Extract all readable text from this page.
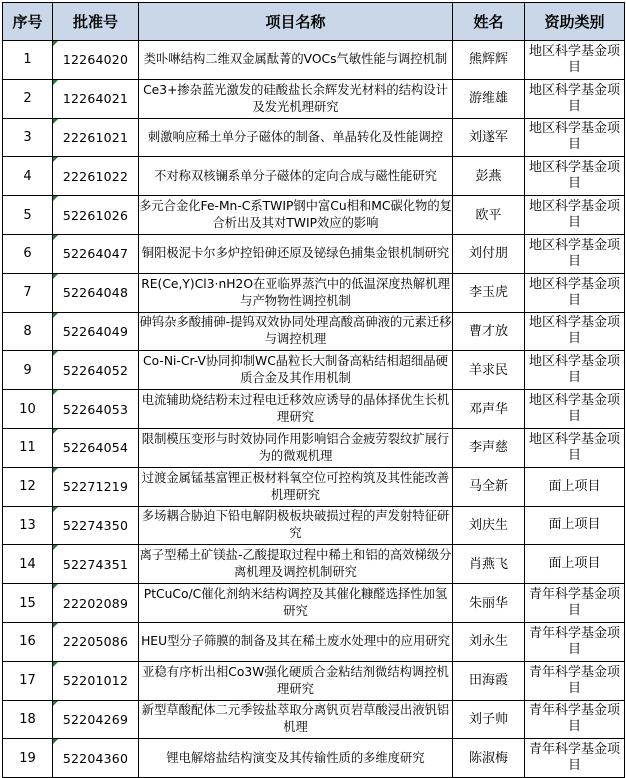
序号	批准号	项目名称	姓名	资助类别
1	12264020	类卟啉结构二维双金属酞菁的VOCs气敏性能与调控机制	熊辉辉	地区科学基金项目
2	12264021	Ce3+掺杂蓝光激发的硅酸盐长余辉发光材料的结构设计及发光机理研究	游维雄	地区科学基金项目
3	22261021	刺激响应稀土单分子磁体的制备、单晶转化及性能调控	刘遂军	地区科学基金项目
4	22261022	不对称双核镧系单分子磁体的定向合成与磁性能研究	彭燕	地区科学基金项目
5	52261026	多元合金化Fe-Mn-C系TWIP钢中富Cu相和MC碳化物的复合析出及其对TWIP效应的影响	欧平	地区科学基金项目
6	52264047	铜阳极泥卡尔多炉控铅砷还原及铋绿色捕集金银机制研究	刘付朋	地区科学基金项目
7	52264048	RE(Ce,Y)Cl3·nH2O在亚临界蒸汽中的低温深度热解机理与产物物性调控机制	李玉虎	地区科学基金项目
8	52264049	砷钨杂多酸捕砷-提钨双效协同处理高酸高砷液的元素迁移与调控机理	曹才放	地区科学基金项目
9	52264052	Co-Ni-Cr-V协同抑制WC晶粒长大制备高粘结相超细晶硬质合金及其作用机制	羊求民	地区科学基金项目
10	52264053	电流辅助烧结粉末过程电迁移效应诱导的晶体择优生长机理研究	邓声华	地区科学基金项目
11	52264054	限制模压变形与时效协同作用影响铝合金疲劳裂纹扩展行为的微观机理	李声慈	地区科学基金项目
12	52271219	过渡金属锰基富锂正极材料氧空位可控构筑及其性能改善机理研究	马全新	面上项目
13	52274350	多场耦合胁迫下铅电解阴极板块破损过程的声发射特征研究	刘庆生	面上项目
14	52274351	离子型稀土矿镁盐-乙酸提取过程中稀土和铝的高效梯级分离机理及调控机制研究	肖燕飞	面上项目
15	22202089	PtCuCo/C催化剂纳米结构调控及其催化糠醛选择性加氢研究	朱丽华	青年科学基金项目
16	22205086	HEU型分子筛膜的制备及其在稀土废水处理中的应用研究	刘永生	青年科学基金项目
17	52201012	亚稳有序析出相Co3W强化硬质合金粘结剂微结构调控机理研究	田海霞	青年科学基金项目
18	52204269	新型草酸配体二元季铵盐萃取分离钒页岩草酸浸出液钒铝机理	刘子帅	青年科学基金项目
19	52204360	锂电解熔盐结构演变及其传输性质的多维度研究	陈淑梅	青年科学基金项目
